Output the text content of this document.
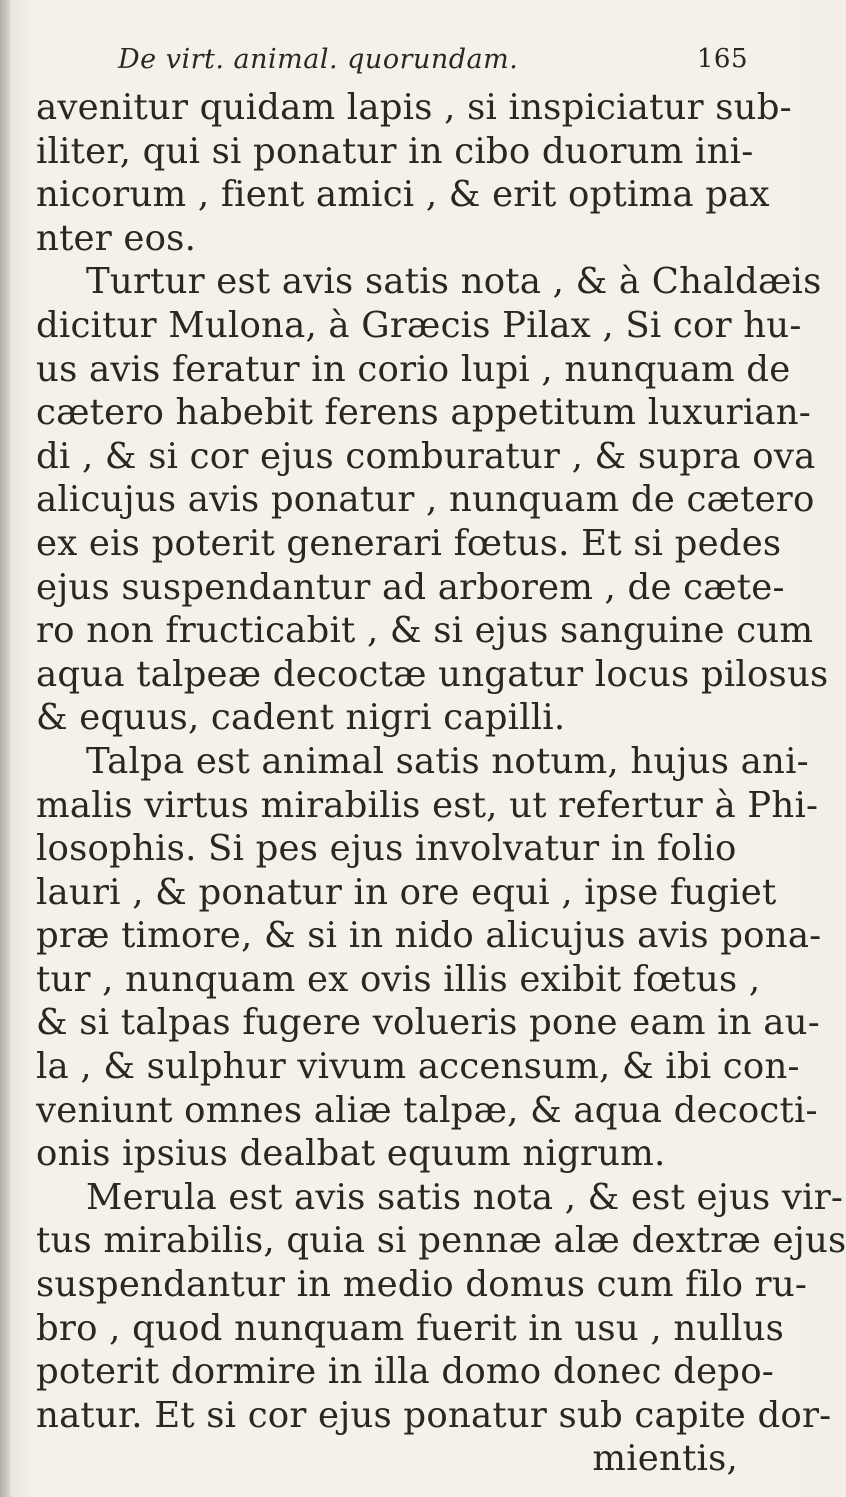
De virt. animal. quorundam.	165
avenitur quidam lapis , si inspiciatur sub-
iliter, qui si ponatur in cibo duorum ini-
nicorum , fient amici , & erit optima pax
nter eos.
Turtur est avis satis nota , & à Chaldæis
dicitur Mulona, à Græcis Pilax , Si cor hu-
us avis feratur in corio lupi , nunquam de
cætero habebit ferens appetitum luxurian-
di , & si cor ejus comburatur , & supra ova
alicujus avis ponatur , nunquam de cætero
ex eis poterit generari fœtus. Et si pedes
ejus suspendantur ad arborem , de cæte-
ro non fructicabit , & si ejus sanguine cum
aqua talpeæ decoctæ ungatur locus pilosus
& equus, cadent nigri capilli.
Talpa est animal satis notum, hujus ani-
malis virtus mirabilis est, ut refertur à Phi-
losophis. Si pes ejus involvatur in folio
lauri , & ponatur in ore equi , ipse fugiet
præ timore, & si in nido alicujus avis pona-
tur , nunquam ex ovis illis exibit fœtus ,
& si talpas fugere volueris pone eam in au-
la , & sulphur vivum accensum, & ibi con-
veniunt omnes aliæ talpæ, & aqua decocti-
onis ipsius dealbat equum nigrum.
Merula est avis satis nota , & est ejus vir-
tus mirabilis, quia si pennæ alæ dextræ ejus
suspendantur in medio domus cum filo ru-
bro , quod nunquam fuerit in usu , nullus
poterit dormire in illa domo donec depo-
natur. Et si cor ejus ponatur sub capite dor-
mientis,
